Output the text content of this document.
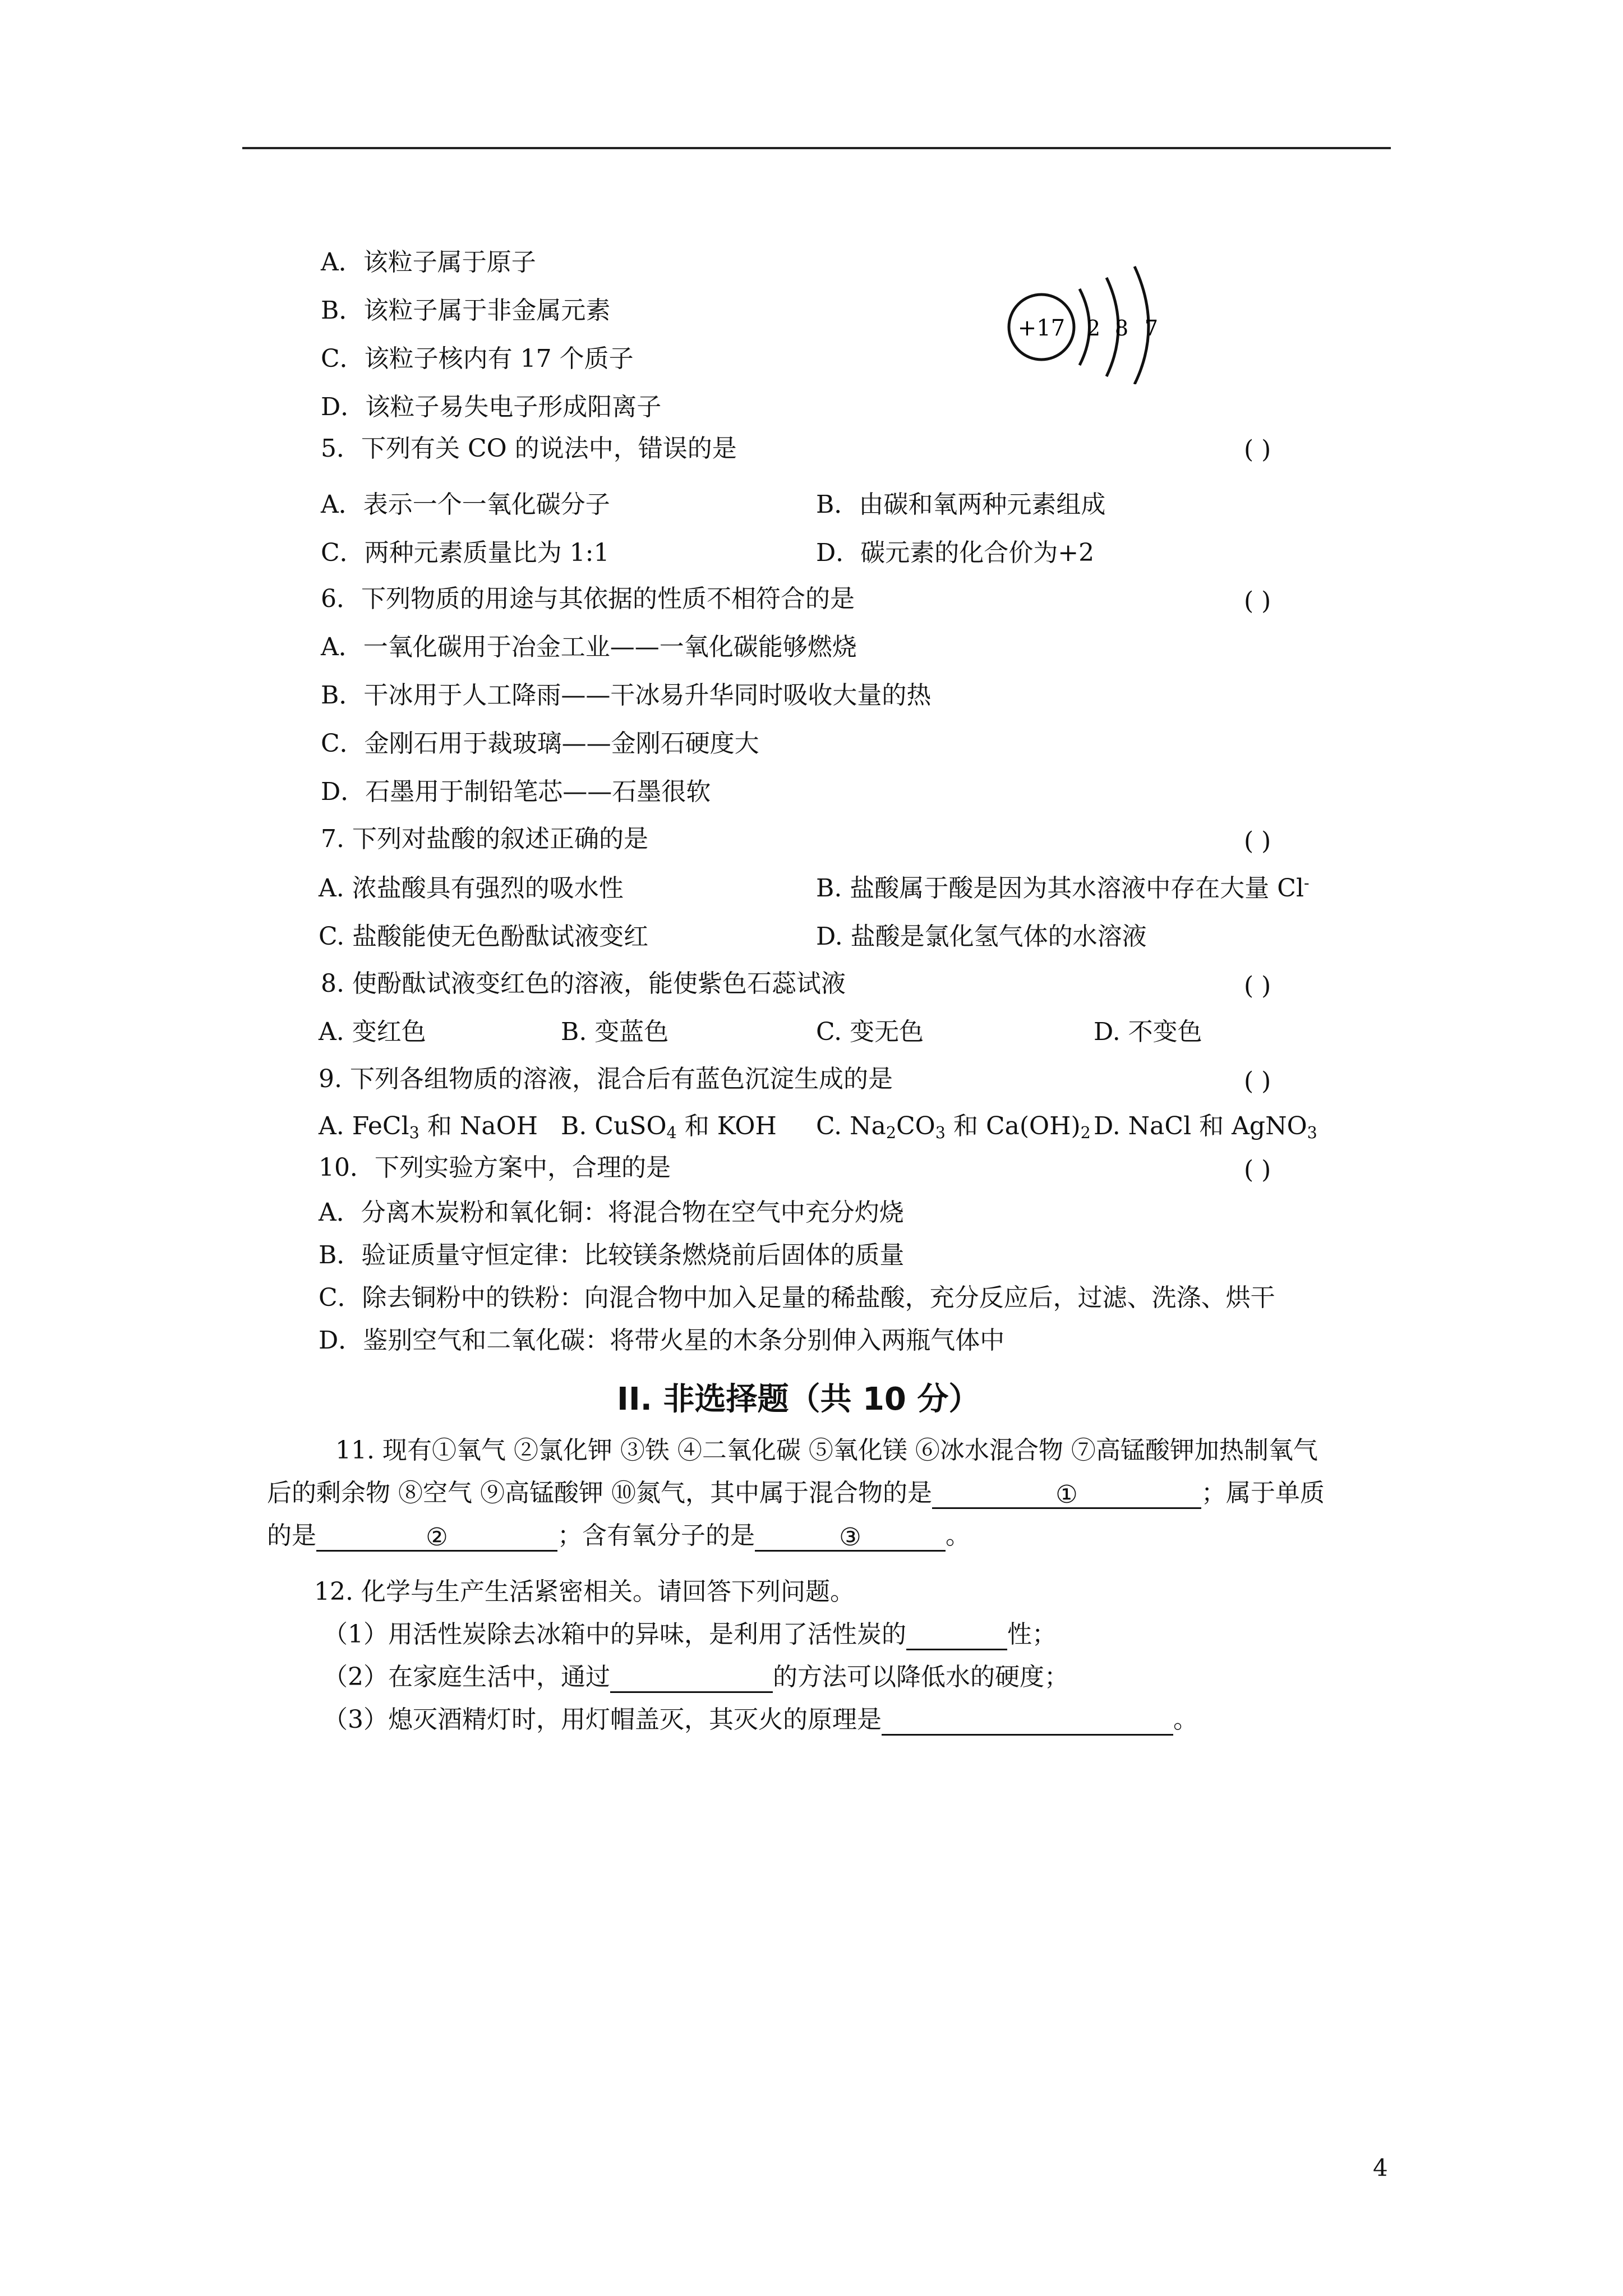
A．该粒子属于原子
B．该粒子属于非金属元素
C．该粒子核内有 17 个质子
D．该粒子易失电子形成阳离子
+17 2 8 7
5．下列有关 CO 的说法中，错误的是	( )
A．表示一个一氧化碳分子	B．由碳和氧两种元素组成
C．两种元素质量比为 1:1	D．碳元素的化合价为+2
6．下列物质的用途与其依据的性质不相符合的是	( )
A．一氧化碳用于冶金工业——一氧化碳能够燃烧
B．干冰用于人工降雨——干冰易升华同时吸收大量的热
C．金刚石用于裁玻璃——金刚石硬度大
D．石墨用于制铅笔芯——石墨很软
7. 下列对盐酸的叙述正确的是	( )
A. 浓盐酸具有强烈的吸水性	B. 盐酸属于酸是因为其水溶液中存在大量 Cl-
C. 盐酸能使无色酚酞试液变红	D. 盐酸是氯化氢气体的水溶液
8. 使酚酞试液变红色的溶液，能使紫色石蕊试液	( )
A. 变红色	B. 变蓝色	C. 变无色	D. 不变色
9. 下列各组物质的溶液，混合后有蓝色沉淀生成的是	( )
A. FeCl$_3$ 和 NaOH B. CuSO$_4$ 和 KOH C. $Na_2CO_3$ 和 $Ca(OH)_2$ D. NaCl 和 AgNO$_3$
10．下列实验方案中，合理的是	( )
A．分离木炭粉和氧化铜：将混合物在空气中充分灼烧
B．验证质量守恒定律：比较镁条燃烧前后固体的质量
C．除去铜粉中的铁粉：向混合物中加入足量的稀盐酸，充分反应后，过滤、洗涤、烘干
D．鉴别空气和二氧化碳：将带火星的木条分别伸入两瓶气体中
II. 非选择题（共 10 分）
11. 现有①氧气 ②氯化钾 ③铁 ④二氧化碳 ⑤氧化镁 ⑥冰水混合物 ⑦高锰酸钾加热制氧气
后的剩余物 ⑧空气 ⑨高锰酸钾 ⑩氮气，其中属于混合物的是	①	；属于单质
的是	②	；含有氧分子的是	③	。
12. 化学与生产生活紧密相关。请回答下列问题。
（1）用活性炭除去冰箱中的异味，是利用了活性炭的	性；
（2）在家庭生活中，通过	的方法可以降低水的硬度；
（3）熄灭酒精灯时，用灯帽盖灭，其灭火的原理是	。
4
